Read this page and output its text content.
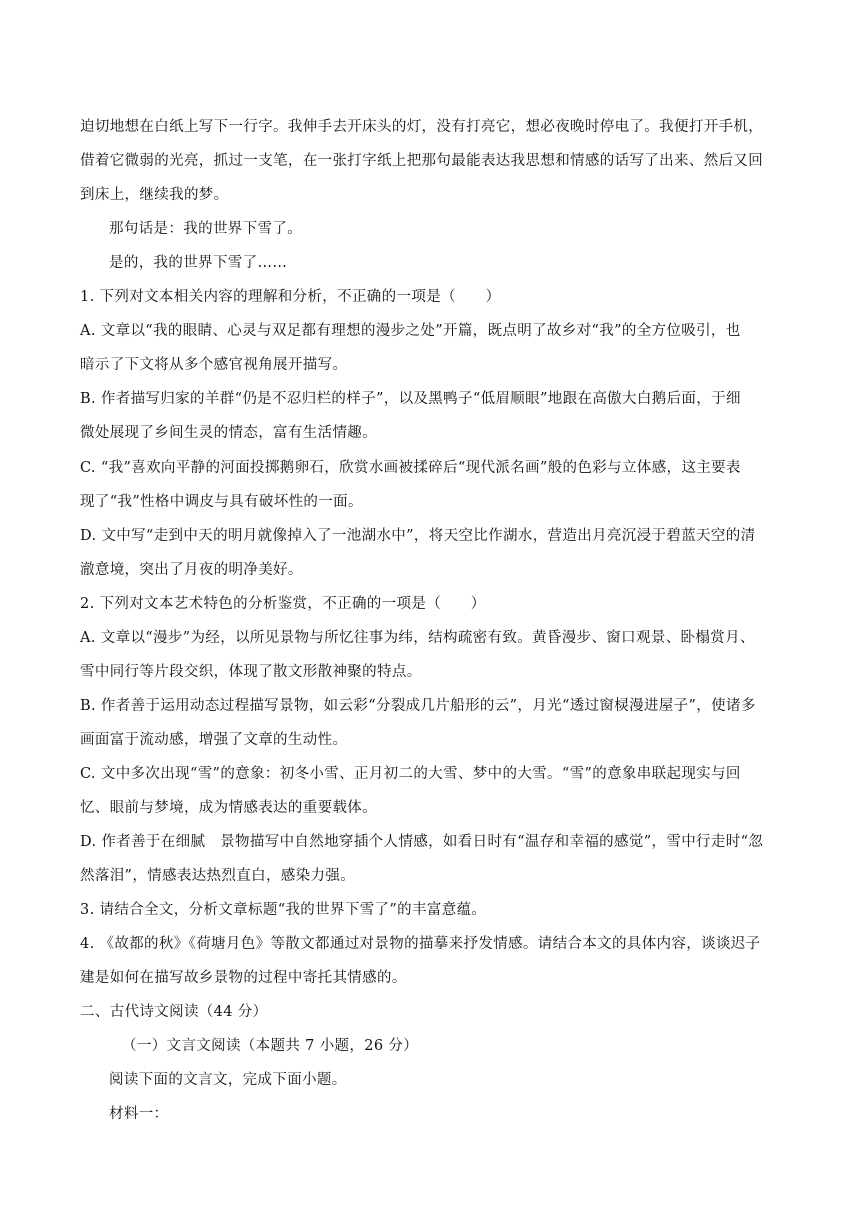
迫切地想在白纸上写下一行字。我伸手去开床头的灯，没有打亮它，想必夜晚时停电了。我便打开手机，
借着它微弱的光亮，抓过一支笔，在一张打字纸上把那句最能表达我思想和情感的话写了出来、然后又回
到床上，继续我的梦。
那句话是：我的世界下雪了。
是的，我的世界下雪了……
1. 下列对文本相关内容的理解和分析，不正确的一项是（　　）
A. 文章以“我的眼睛、心灵与双足都有理想的漫步之处”开篇，既点明了故乡对“我”的全方位吸引，也
暗示了下文将从多个感官视角展开描写。
B. 作者描写归家的羊群“仍是不忍归栏的样子”，以及黑鸭子“低眉顺眼”地跟在高傲大白鹅后面，于细
微处展现了乡间生灵的情态，富有生活情趣。
C. “我”喜欢向平静的河面投掷鹅卵石，欣赏水画被揉碎后“现代派名画”般的色彩与立体感，这主要表
现了“我”性格中调皮与具有破坏性的一面。
D. 文中写“走到中天的明月就像掉入了一池湖水中”，将天空比作湖水，营造出月亮沉浸于碧蓝天空的清
澈意境，突出了月夜的明净美好。
2. 下列对文本艺术特色的分析鉴赏，不正确的一项是（　　）
A. 文章以“漫步”为经，以所见景物与所忆往事为纬，结构疏密有致。黄昏漫步、窗口观景、卧榻赏月、
雪中同行等片段交织，体现了散文形散神聚的特点。
B. 作者善于运用动态过程描写景物，如云彩“分裂成几片船形的云”，月光“透过窗棂漫进屋子”，使诸多
画面富于流动感，增强了文章的生动性。
C. 文中多次出现“雪”的意象：初冬小雪、正月初二的大雪、梦中的大雪。“雪”的意象串联起现实与回
忆、眼前与梦境，成为情感表达的重要载体。
D. 作者善于在细腻　景物描写中自然地穿插个人情感，如看日时有“温存和幸福的感觉”，雪中行走时“忽
然落泪”，情感表达热烈直白，感染力强。
3. 请结合全文，分析文章标题“我的世界下雪了”的丰富意蕴。
4. 《故都的秋》《荷塘月色》等散文都通过对景物的描摹来抒发情感。请结合本文的具体内容，谈谈迟子
建是如何在描写故乡景物的过程中寄托其情感的。
二、古代诗文阅读（44 分）
（一）文言文阅读（本题共 7 小题，26 分）
阅读下面的文言文，完成下面小题。
材料一：
